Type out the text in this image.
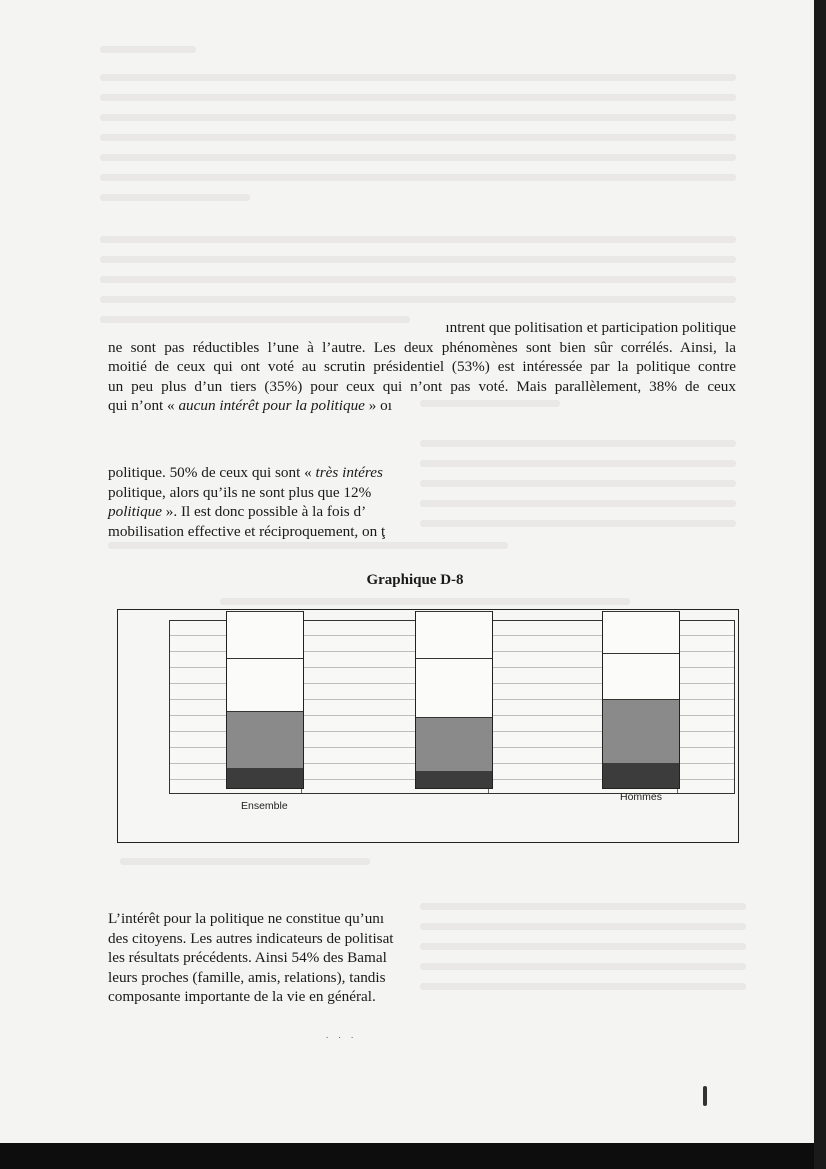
ıntrent que politisation et participation politique
ne sont pas réductibles l’une à l’autre. Les deux phénomènes sont bien sûr corrélés. Ainsi, la
moitié de ceux qui ont voté au scrutin présidentiel (53%) est intéressée par la politique contre
un peu plus d’un tiers (35%) pour ceux qui n’ont pas voté. Mais parallèlement, 38% de ceux
qui n’ont « aucun intérêt pour la politique » oı
politique. 50% de ceux qui sont « très intéres
politique, alors qu’ils ne sont plus que 12%
politique ». Il est donc possible à la fois d’
mobilisation effective et réciproquement, on ţ
Graphique D-8
Ensemble
Hommes
L’intérêt pour la politique ne constitue qu’unı
des citoyens. Les autres indicateurs de politisat
les résultats précédents. Ainsi 54% des Bamal
leurs proches (famille, amis, relations), tandis
composante importante de la vie en général.
. . .
